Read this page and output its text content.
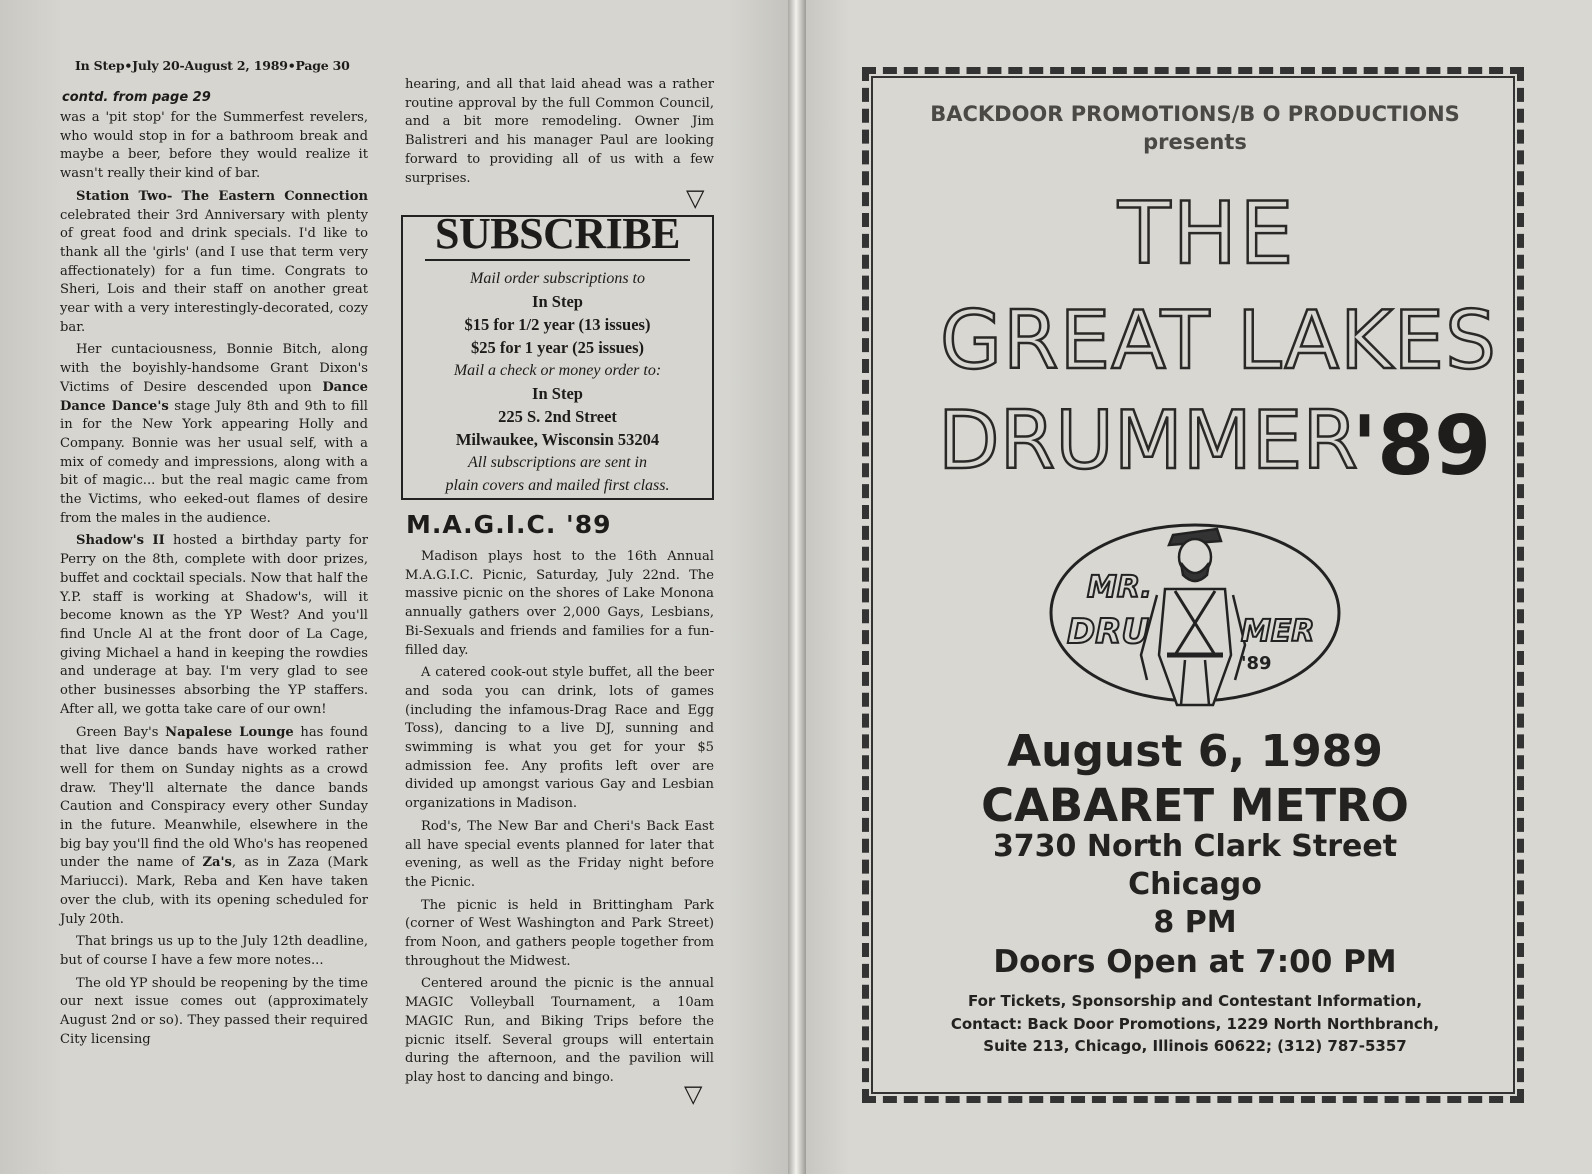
In Step•July 20-August 2, 1989•Page 30
contd. from page 29

was a 'pit stop' for the Summerfest revelers, who would stop in for a bathroom break and maybe a beer, before they would realize it wasn't really their kind of bar.

Station Two- The Eastern Connection celebrated their 3rd Anniversary with plenty of great food and drink specials. I'd like to thank all the 'girls' (and I use that term very affectionately) for a fun time. Congrats to Sheri, Lois and their staff on another great year with a very interestingly-decorated, cozy bar.

Her cuntaciousness, Bonnie Bitch, along with the boyishly-handsome Grant Dixon's Victims of Desire descended upon Dance Dance Dance's stage July 8th and 9th to fill in for the New York appearing Holly and Company. Bonnie was her usual self, with a mix of comedy and impressions, along with a bit of magic... but the real magic came from the Victims, who eeked-out flames of desire from the males in the audience.

Shadow's II hosted a birthday party for Perry on the 8th, complete with door prizes, buffet and cocktail specials. Now that half the Y.P. staff is working at Shadow's, will it become known as the YP West? And you'll find Uncle Al at the front door of La Cage, giving Michael a hand in keeping the rowdies and underage at bay. I'm very glad to see other businesses absorbing the YP staffers. After all, we gotta take care of our own!

Green Bay's Napalese Lounge has found that live dance bands have worked rather well for them on Sunday nights as a crowd draw. They'll alternate the dance bands Caution and Conspiracy every other Sunday in the future. Meanwhile, elsewhere in the big bay you'll find the old Who's has reopened under the name of Za's, as in Zaza (Mark Mariucci). Mark, Reba and Ken have taken over the club, with its opening scheduled for July 20th.

That brings us up to the July 12th deadline, but of course I have a few more notes...

The old YP should be reopening by the time our next issue comes out (approximately August 2nd or so). They passed their required City licensing

hearing, and all that laid ahead was a rather routine approval by the full Common Council, and a bit more remodeling. Owner Jim Balistreri and his manager Paul are looking forward to providing all of us with a few surprises.

▽
SUBSCRIBE
Mail order subscriptions to
In Step
$15 for 1/2 year (13 issues)
$25 for 1 year (25 issues)
Mail a check or money order to:
In Step
225 S. 2nd Street
Milwaukee, Wisconsin 53204
All subscriptions are sent in
plain covers and mailed first class.
M.A.G.I.C. '89

Madison plays host to the 16th Annual M.A.G.I.C. Picnic, Saturday, July 22nd. The massive picnic on the shores of Lake Monona annually gathers over 2,000 Gays, Lesbians, Bi-Sexuals and friends and families for a fun- filled day.

A catered cook-out style buffet, all the beer and soda you can drink, lots of games (including the infamous-Drag Race and Egg Toss), dancing to a live DJ, sunning and swimming is what you get for your $5 admission fee. Any profits left over are divided up amongst various Gay and Lesbian organizations in Madison.

Rod's, The New Bar and Cheri's Back East all have special events planned for later that evening, as well as the Friday night before the Picnic.

The picnic is held in Brittingham Park (corner of West Washington and Park Street) from Noon, and gathers people together from throughout the Midwest.

Centered around the picnic is the annual MAGIC Volleyball Tournament, a 10am MAGIC Run, and Biking Trips before the picnic itself. Several groups will entertain during the afternoon, and the pavilion will play host to dancing and bingo.

▽
BACKDOOR PROMOTIONS/B O PRODUCTIONS
presents
THE
GREAT LAKES
DRUMMER
'89
MR.
DRU	MER
'89
August 6, 1989
CABARET METRO
3730 North Clark Street
Chicago
8 PM
Doors Open at 7:00 PM
For Tickets, Sponsorship and Contestant Information,
Contact: Back Door Promotions, 1229 North Northbranch,
Suite 213, Chicago, Illinois 60622; (312) 787-5357
